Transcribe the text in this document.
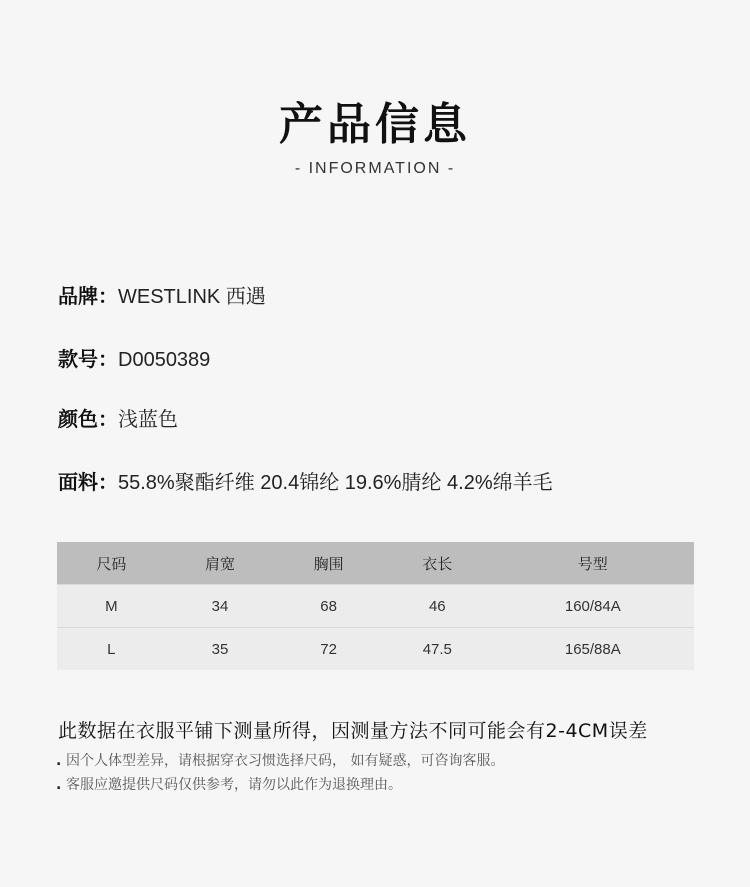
产品信息
- INFORMATION -
品牌：WESTLINK 西遇
款号：D0050389
颜色：浅蓝色
面料：55.8%聚酯纤维 20.4锦纶 19.6%腈纶 4.2%绵羊毛
尺码	肩宽	胸围	衣长	号型
M	34	68	46	160/84A
L	35	72	47.5	165/88A
此数据在衣服平铺下测量所得，因测量方法不同可能会有2-4CM误差
. 因个人体型差异，请根据穿衣习惯选择尺码， 如有疑惑，可咨询客服。
. 客服应邀提供尺码仅供参考，请勿以此作为退换理由。
